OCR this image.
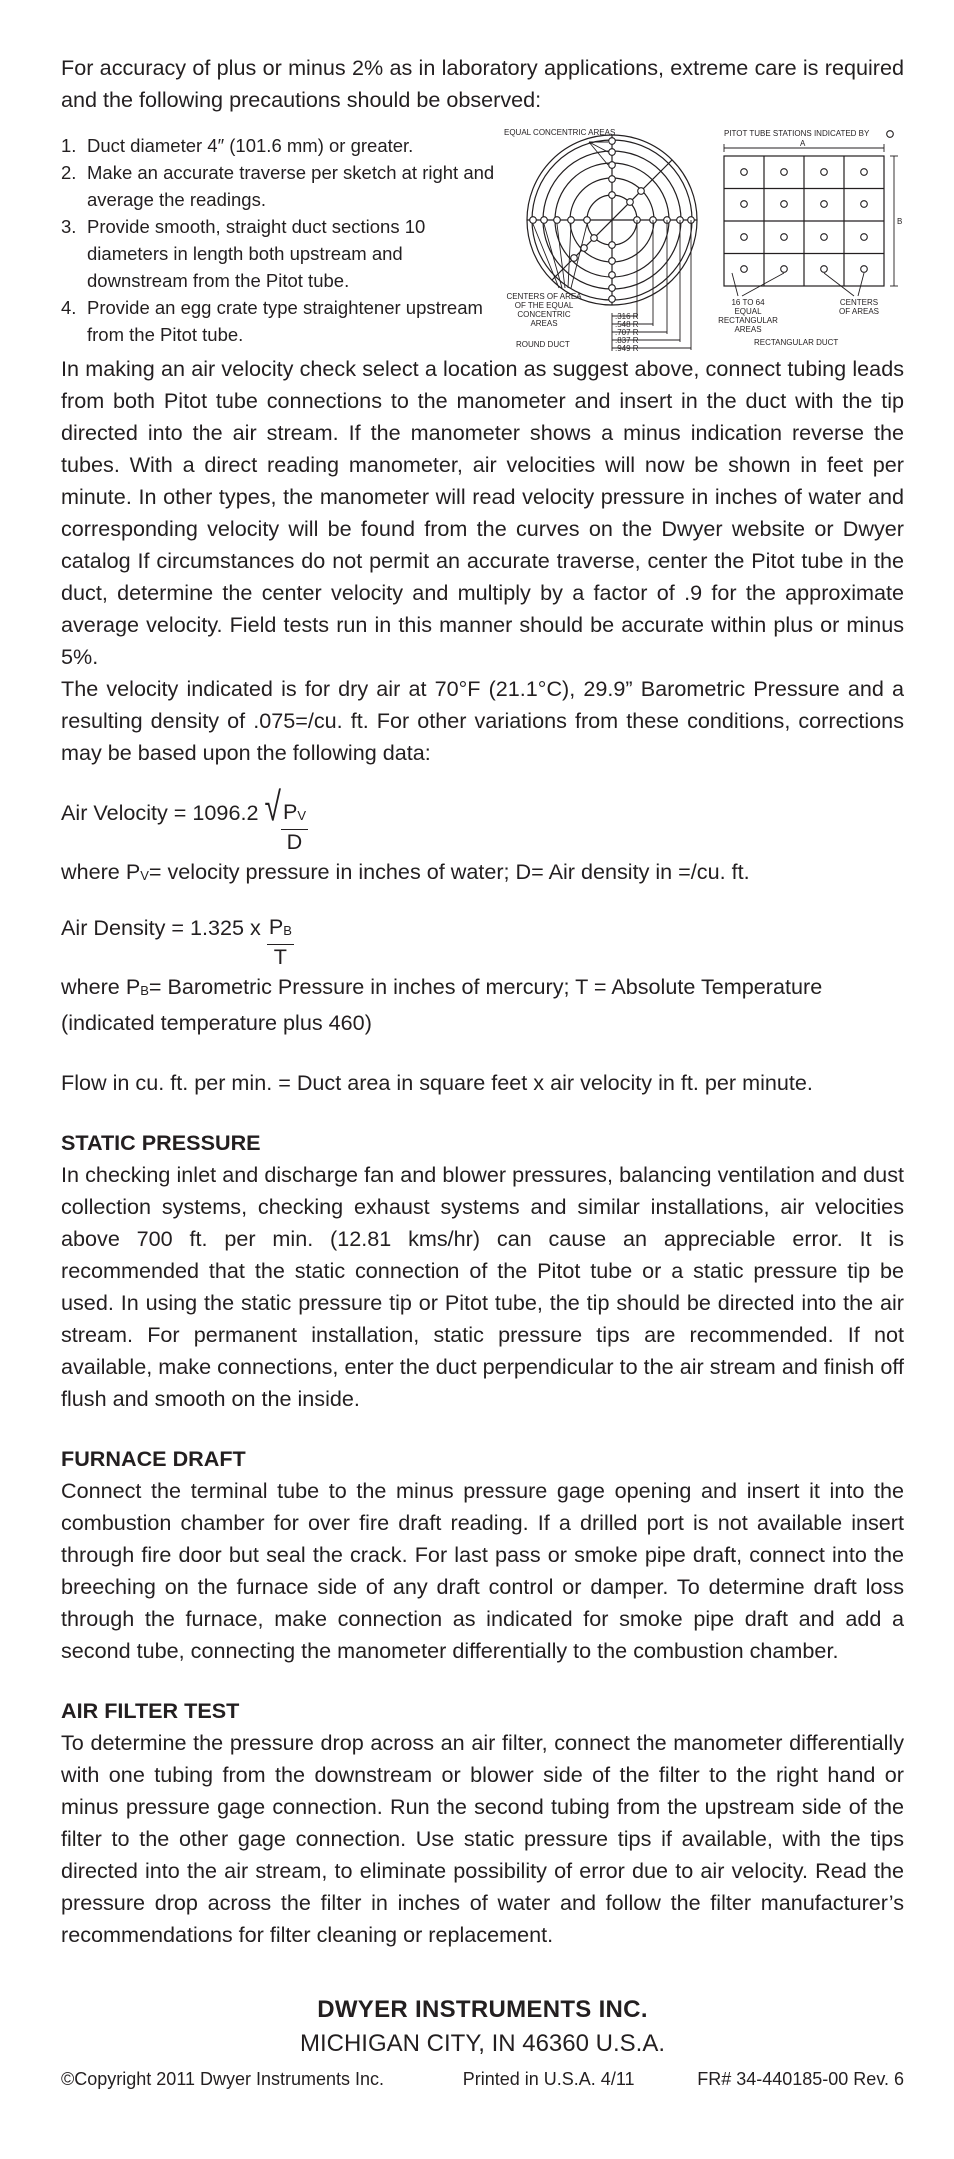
For accuracy of plus or minus 2% as in laboratory applications, extreme care is required and the following precautions should be observed:

1. Duct diameter 4″ (101.6 mm) or greater.
2. Make an accurate traverse per sketch at right and average the readings.
3. Provide smooth, straight duct sections 10 diameters in length both upstream and downstream from the Pitot tube.
4. Provide an egg crate type straightener upstream from the Pitot tube.
EQUAL CONCENTRIC AREAS
CENTERS OF AREA OF THE EQUAL CONCENTRIC AREAS
.316 R
.548 R
.707 R
.837 R
.949 R
ROUND DUCT
PITOT TUBE STATIONS INDICATED BY
A
B
16 TO 64 EQUAL RECTANGULAR AREAS
CENTERS OF AREAS
RECTANGULAR DUCT

In making an air velocity check select a location as suggest above, connect tubing leads from both Pitot tube connections to the manometer and insert in the duct with the tip directed into the air stream. If the manometer shows a minus indication reverse the tubes. With a direct reading manometer, air velocities will now be shown in feet per minute. In other types, the manometer will read velocity pressure in inches of water and corresponding velocity will be found from the curves on the Dwyer website or Dwyer catalog If circumstances do not permit an accurate traverse, center the Pitot tube in the duct, determine the center velocity and multiply by a factor of .9 for the approximate average velocity. Field tests run in this manner should be accurate within plus or minus 5%.

The velocity indicated is for dry air at 70°F (21.1°C), 29.9” Barometric Pressure and a resulting density of .075=/cu. ft. For other variations from these conditions, corrections may be based upon the following data:

Air Velocity = 1096.2 √ $\frac{PV}{D}$

where PV= velocity pressure in inches of water; D= Air density in =/cu. ft.

Air Density = 1.325 x $\frac{PB}{T}$

where PB= Barometric Pressure in inches of mercury; T = Absolute Temperature (indicated temperature plus 460)

Flow in cu. ft. per min. = Duct area in square feet x air velocity in ft. per minute.

STATIC PRESSURE

In checking inlet and discharge fan and blower pressures, balancing ventilation and dust collection systems, checking exhaust systems and similar installations, air velocities above 700 ft. per min. (12.81 kms/hr) can cause an appreciable error. It is recommended that the static connection of the Pitot tube or a static pressure tip be used. In using the static pressure tip or Pitot tube, the tip should be directed into the air stream. For permanent installation, static pressure tips are recommended. If not available, make connections, enter the duct perpendicular to the air stream and finish off flush and smooth on the inside.

FURNACE DRAFT

Connect the terminal tube to the minus pressure gage opening and insert it into the combustion chamber for over fire draft reading. If a drilled port is not available insert through fire door but seal the crack. For last pass or smoke pipe draft, connect into the breeching on the furnace side of any draft control or damper. To determine draft loss through the furnace, make connection as indicated for smoke pipe draft and add a second tube, connecting the manometer differentially to the combustion chamber.

AIR FILTER TEST

To determine the pressure drop across an air filter, connect the manometer differentially with one tubing from the downstream or blower side of the filter to the right hand or minus pressure gage connection. Run the second tubing from the upstream side of the filter to the other gage connection. Use static pressure tips if available, with the tips directed into the air stream, to eliminate possibility of error due to air velocity. Read the pressure drop across the filter in inches of water and follow the filter manufacturer’s recommendations for filter cleaning or replacement.

DWYER INSTRUMENTS INC.
MICHIGAN CITY, IN 46360 U.S.A.
©Copyright 2011 Dwyer Instruments Inc.	Printed in U.S.A. 4/11	FR# 34-440185-00 Rev. 6
